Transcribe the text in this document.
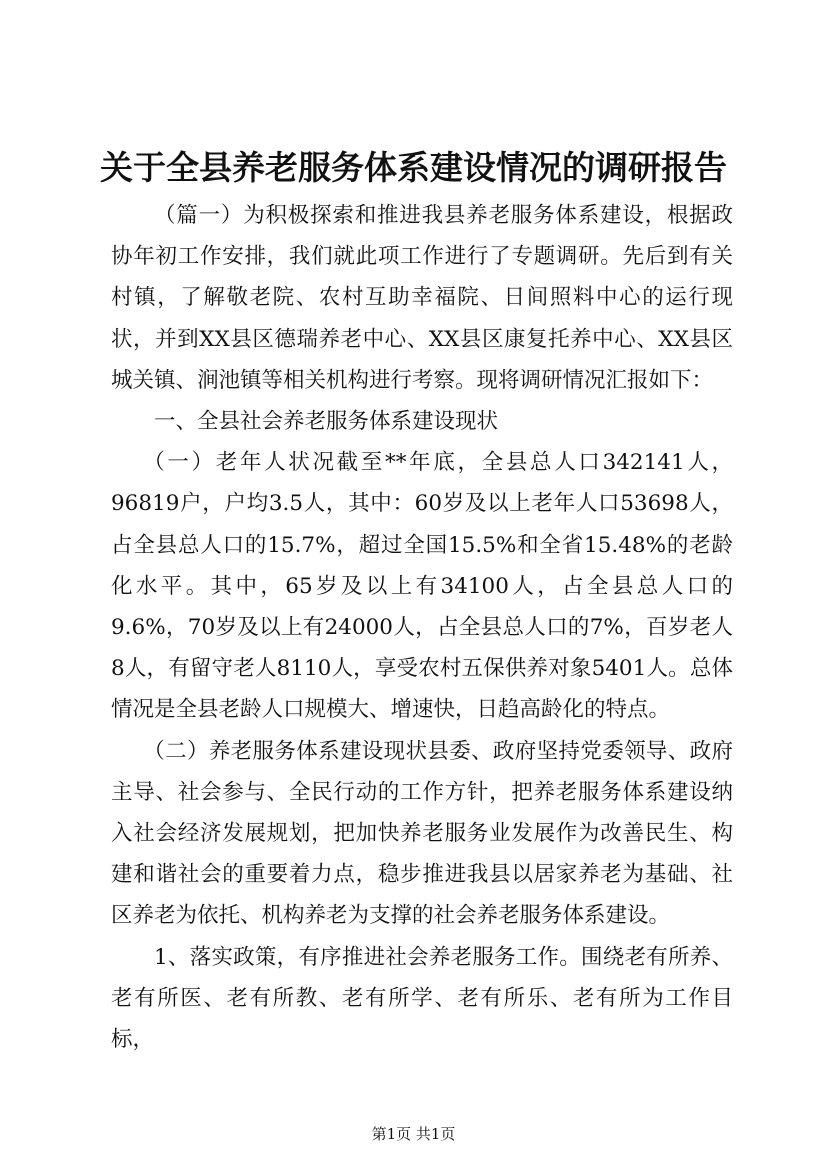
关于全县养老服务体系建设情况的调研报告

（篇一）为积极探索和推进我县养老服务体系建设，根据政协年初工作安排，我们就此项工作进行了专题调研。先后到有关村镇，了解敬老院、农村互助幸福院、日间照料中心的运行现状，并到XX县区德瑞养老中心、XX县区康复托养中心、XX县区城关镇、涧池镇等相关机构进行考察。现将调研情况汇报如下：

一、全县社会养老服务体系建设现状

（一）老年人状况截至**年底，全县总人口342141人，96819户，户均3.5人，其中：60岁及以上老年人口53698人，占全县总人口的15.7%，超过全国15.5%和全省15.48%的老龄化水平。其中，65岁及以上有34100人，占全县总人口的9.6%，70岁及以上有24000人，占全县总人口的7%，百岁老人8人，有留守老人8110人，享受农村五保供养对象5401人。总体情况是全县老龄人口规模大、增速快，日趋高龄化的特点。

（二）养老服务体系建设现状县委、政府坚持党委领导、政府主导、社会参与、全民行动的工作方针，把养老服务体系建设纳入社会经济发展规划，把加快养老服务业发展作为改善民生、构建和谐社会的重要着力点，稳步推进我县以居家养老为基础、社区养老为依托、机构养老为支撑的社会养老服务体系建设。

1、落实政策，有序推进社会养老服务工作。围绕老有所养、老有所医、老有所教、老有所学、老有所乐、老有所为工作目标，

第1页 共1页
